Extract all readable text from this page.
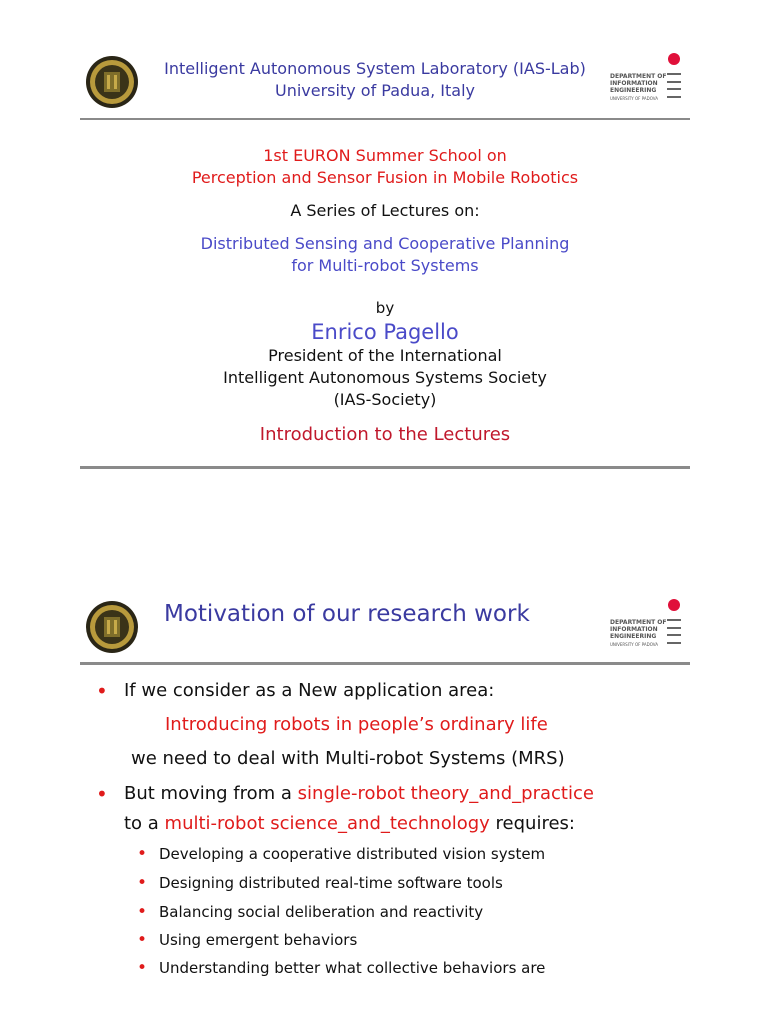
Intelligent Autonomous System Laboratory (IAS-Lab)
University of Padua, Italy
DEPARTMENT OF
INFORMATION
ENGINEERING
UNIVERSITY OF PADOVA
1st EURON Summer School on
Perception and Sensor Fusion in Mobile Robotics
A Series of Lectures on:
Distributed Sensing and Cooperative Planning
for Multi-robot Systems
by
Enrico Pagello
President of the International
Intelligent Autonomous Systems Society
(IAS-Society)
Introduction to the Lectures
Motivation of our research work	DEPARTMENT OF
INFORMATION
ENGINEERING
UNIVERSITY OF PADOVA
• If we consider as a New application area:
Introducing robots in people’s ordinary life
we need to deal with Multi-robot Systems (MRS)
• But moving from a single-robot theory_and_practice
to a multi-robot science_and_technology requires:
• Developing a cooperative distributed vision system
• Designing distributed real-time software tools
• Balancing social deliberation and reactivity
• Using emergent behaviors
• Understanding better what collective behaviors are
